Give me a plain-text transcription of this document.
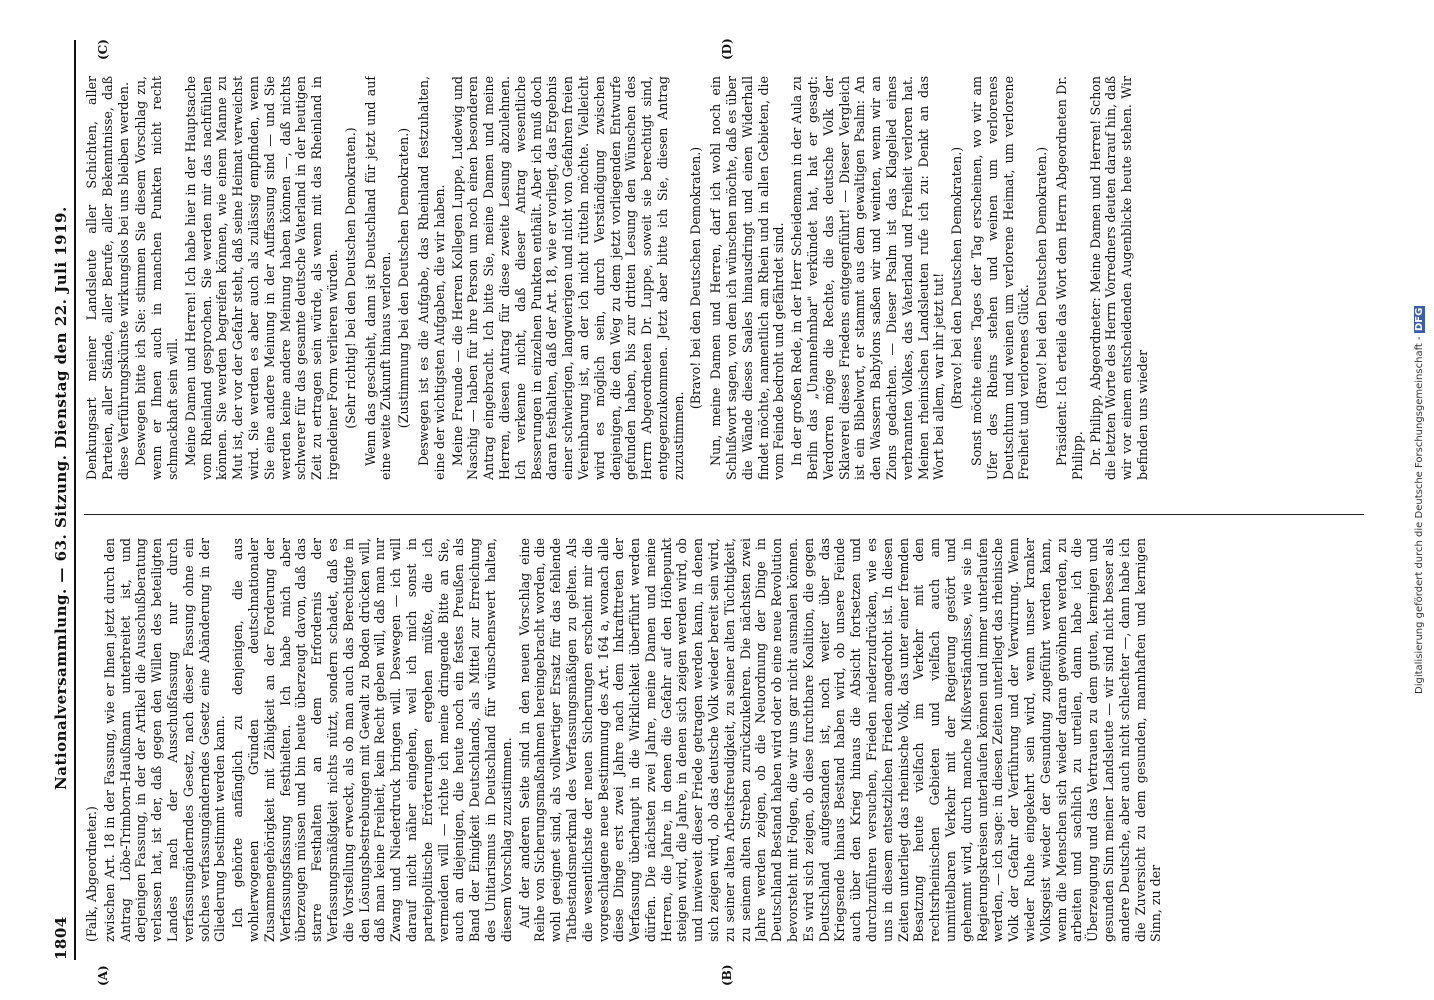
1804
Nationalversammlung. — 63. Sitzung. Dienstag den 22. Juli 1919.
(A)	(B)
(C)	(D)

(Falk, Abgeordneter.) zwischen Art. 18 in der Fassung, wie er Ihnen jetzt durch den Antrag Löbe-Trimborn-Haußmann unterbreitet ist, und derjenigen Fassung, in der der Artikel die Ausschußberatung verlassen hat, ist der, daß gegen den Willen des beteiligten Landes nach der Ausschußfassung nur durch verfassungänderndes Gesetz, nach dieser Fassung ohne ein solches verfassungänderndes Gesetz eine Abänderung in der Gliederung bestimmt werden kann. Ich gehörte anfänglich zu denjenigen, die aus wohlerwogenen Gründen deutschnationaler Zusammengehörigkeit mit Zähigkeit an der Forderung der Verfassungsfassung festhielten. Ich habe mich aber überzeugen müssen und bin heute überzeugt davon, daß das starre Festhalten an dem Erfordernis der Verfassungsmäßigkeit nichts nützt, sondern schadet, daß es die Vorstellung erweckt, als ob man auch das Berechtigte in den Lösungsbestrebungen mit Gewalt zu Boden drücken will, daß man keine Freiheit, kein Recht geben will, daß man nur Zwang und Niederdruck bringen will. Deswegen — ich will darauf nicht näher eingehen, weil ich mich sonst in parteipolitische Erörterungen ergehen müßte, die ich vermeiden will — richte ich meine dringende Bitte an Sie, auch an diejenigen, die heute noch ein festes Preußen als Band der Einigkeit Deutschlands, als Mittel zur Erreichung des Unitarismus in Deutschland für wünschenswert halten, diesem Vorschlag zuzustimmen. Auf der anderen Seite sind in den neuen Vorschlag eine Reihe von Sicherungsmaßnahmen hereingebracht worden, die wohl geeignet sind, als vollwertiger Ersatz für das fehlende Tatbestandsmerkmal des Verfassungsmäßigen zu gelten. Als die wesentlichste der neuen Sicherungen erscheint mir die vorgeschlagene neue Bestimmung des Art. 164 a, wonach alle diese Dinge erst zwei Jahre nach dem Inkrafttreten der Verfassung überhaupt in die Wirklichkeit überführt werden dürfen. Die nächsten zwei Jahre, meine Damen und meine Herren, die Jahre, in denen die Gefahr auf den Höhepunkt steigen wird, die Jahre, in denen sich zeigen werden wird, ob und inwieweit dieser Friede getragen werden kann, in denen sich zeigen wird, ob das deutsche Volk wieder bereit sein wird, zu seiner alten Arbeitsfreudigkeit, zu seiner alten Tüchtigkeit, zu seinem alten Streben zurückzukehren. Die nächsten zwei Jahre werden zeigen, ob die Neuordnung der Dinge in Deutschland Bestand haben wird oder ob eine neue Revolution bevorsteht mit Folgen, die wir uns gar nicht ausmalen können. Es wird sich zeigen, ob diese furchtbare Koalition, die gegen Deutschland aufgestanden ist, noch weiter über das Kriegsende hinaus Bestand haben wird, ob unsere Feinde auch über den Krieg hinaus die Absicht fortsetzen und durchzuführen versuchen, Frieden niederzudrücken, wie es uns in diesem entsetzlichen Frieden angedroht ist. In diesen Zeiten unterliegt das rheinische Volk, das unter einer fremden Besatzung heute vielfach im Verkehr mit den rechtsrheinischen Gebieten und vielfach auch am unmittelbaren Verkehr mit der Regierung gestört und gehemmt wird, durch manche Mißverständnisse, wie sie in Regierungskreisen unterlaufen können und immer unterlaufen werden, — ich sage: in diesen Zeiten unterliegt das rheinische Volk der Gefahr der Verführung und der Verwirrung. Wenn wieder Ruhe eingekehrt sein wird, wenn unser kranker Volksgeist wieder der Gesundung zugeführt werden kann, wenn die Menschen sich wieder daran gewöhnen werden, zu arbeiten und sachlich zu urteilen, dann habe ich die Überzeugung und das Vertrauen zu dem guten, kernigen und gesunden Sinn meiner Landsleute — wir sind nicht besser als andere Deutsche, aber auch nicht schlechter —, dann habe ich die Zuversicht zu dem gesunden, mannhaften und kernigen Sinn, zu der

Denkungsart meiner Landsleute aller Schichten, aller Parteien, aller Stände, aller Berufe, aller Bekenntnisse, daß diese Verführungskünste wirkungslos bei uns bleiben werden. Deswegen bitte ich Sie: stimmen Sie diesem Vorschlag zu, wenn er Ihnen auch in manchen Punkten nicht recht schmackhaft sein will. Meine Damen und Herren! Ich habe hier in der Hauptsache vom Rheinland gesprochen. Sie werden mir das nachfühlen können. Sie werden begreifen können, wie einem Manne zu Mut ist, der vor der Gefahr steht, daß seine Heimat verweichst wird. Sie werden es aber auch als zulässig empfinden, wenn Sie eine andere Meinung in der Auffassung sind — und Sie werden keine andere Meinung haben können —, daß nichts schwerer für das gesamte deutsche Vaterland in der heutigen Zeit zu ertragen sein würde, als wenn mit das Rheinland in irgendeiner Form verlieren würden. (Sehr richtig! bei den Deutschen Demokraten.) Wenn das geschieht, dann ist Deutschland für jetzt und auf eine weite Zukunft hinaus verloren. (Zustimmung bei den Deutschen Demokraten.) Deswegen ist es die Aufgabe, das Rheinland festzuhalten, eine der wichtigsten Aufgaben, die wir haben. Meine Freunde — die Herren Kollegen Luppe, Ludewig und Naschig — haben für ihre Person um noch einen besonderen Antrag eingebracht. Ich bitte Sie, meine Damen und meine Herren, diesen Antrag für diese zweite Lesung abzulehnen. Ich verkenne nicht, daß dieser Antrag wesentliche Besserungen in einzelnen Punkten enthält. Aber ich muß doch daran festhalten, daß der Art. 18, wie er vorliegt, das Ergebnis einer schwierigen, langwierigen und nicht von Gefahren freien Vereinbarung ist, an der ich nicht rütteln möchte. Vielleicht wird es möglich sein, durch Verständigung zwischen denjenigen, die den Weg zu dem jetzt vorliegenden Entwurfe gefunden haben, bis zur dritten Lesung den Wünschen des Herrn Abgeordneten Dr. Luppe, soweit sie berechtigt sind, entgegenzukommen. Jetzt aber bitte ich Sie, diesen Antrag zuzustimmen.

(Bravo! bei den Deutschen Demokraten.) Nun, meine Damen und Herren, darf ich wohl noch ein Schlußwort sagen, von dem ich wünschen möchte, daß es über die Wände dieses Saales hinausdringt und einen Widerhall findet möchte, namentlich am Rhein und in allen Gebieten, die vom Feinde bedroht und gefährdet sind. In der großen Rede, in der Herr Scheidemann in der Aula zu Berlin das „Unannehmbar" verkündet hat, hat er gesagt: Verdorren möge die Rechte, die das deutsche Volk der Sklaverei dieses Friedens entgegenführt! — Dieser Vergleich ist ein Bibelwort, er stammt aus dem gewaltigen Psalm: An den Wassern Babylons saßen wir und weinten, wenn wir an Zions gedachten. — Dieser Psalm ist das Klagelied eines verbrannten Volkes, das Vaterland und Freiheit verloren hat. Meinen rheinischen Landsleuten rufe ich zu: Denkt an das Wort bei allem, war ihr jetzt tut! (Bravo! bei den Deutschen Demokraten.) Sonst möchte eines Tages der Tag erscheinen, wo wir am Ufer des Rheins stehen und weinen um verlorenes Deutschtum und weinen um verlorene Heimat, um verlorene Freiheit und verlorenes Glück. (Bravo! bei den Deutschen Demokraten.) Präsident: Ich erteile das Wort dem Herrn Abgeordneten Dr. Philipp. Dr. Philipp, Abgeordneter: Meine Damen und Herren! Schon die letzten Worte des Herrn Vorredners deuten darauf hin, daß wir vor einem entscheidenden Augenblicke heute stehen. Wir befinden uns wieder	Digitalisierung gefördert durch die Deutsche Forschungsgemeinschaft - DFG
